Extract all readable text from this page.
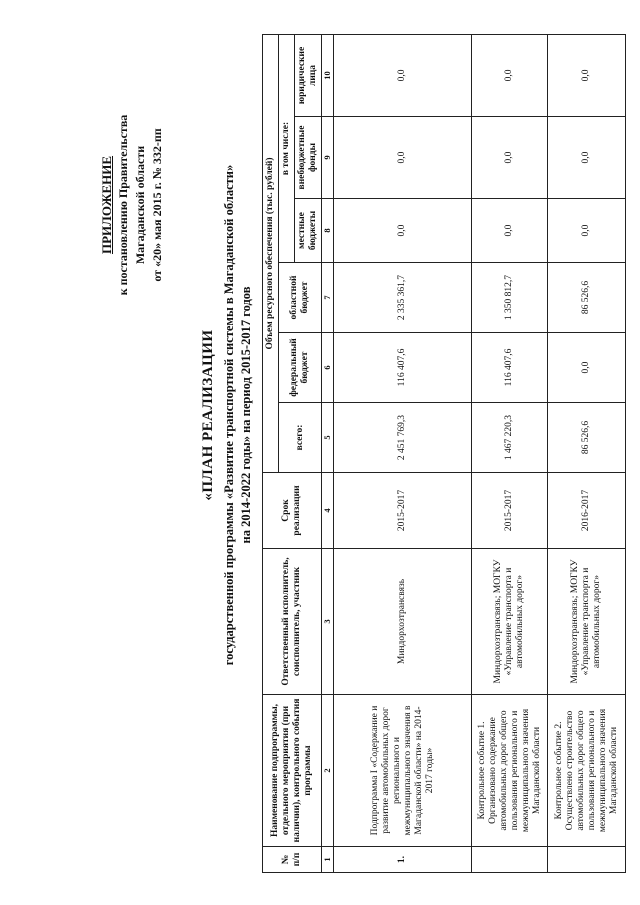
ПРИЛОЖЕНИЕ к постановлению Правительства Магаданской области от «20» мая 2015 г. № 332-пп
«ПЛАН РЕАЛИЗАЦИИ государственной программы «Развитие транспортной системы в Магаданской области» на 2014-2022 годы» на период 2015-2017 годов
№ п/п	Наименование подпрограммы, отдельного мероприятия (при наличии), контрольного события программы	Ответственный исполнитель, соисполнитель, участник	Срок реализации	Объем ресурсного обеспечения (тыс. рублей)					
				всего:	федеральный бюджет	областной бюджет	в том числе:		
							местные бюджеты	внебюджетные фонды	юридические лица
1	2	3	4	5	6	7	8	9	10
1.	Подпрограмма I «Содержание и развитие автомобильных дорог регионального и межмуниципального значения в Магаданской области» на 2014-2017 годы»	Миндорхозтрансвязь	2015-2017	2 451 769,3	116 407,6	2 335 361,7	0,0	0,0	0,0
	Контрольное событие 1. Организовано содержание автомобильных дорог общего пользования регионального и межмуниципального значения Магаданской области	Миндорхозтрансвязь; МОГКУ «Управление транспорта и автомобильных дорог»	2015-2017	1 467 220,3	116 407,6	1 350 812,7	0,0	0,0	0,0
	Контрольное событие 2. Осуществлено строительство автомобильных дорог общего пользования регионального и межмуниципального значения Магаданской области	Миндорхозтрансвязь; МОГКУ «Управление транспорта и автомобильных дорог»	2016-2017	86 526,6	0,0	86 526,6	0,0	0,0	0,0
